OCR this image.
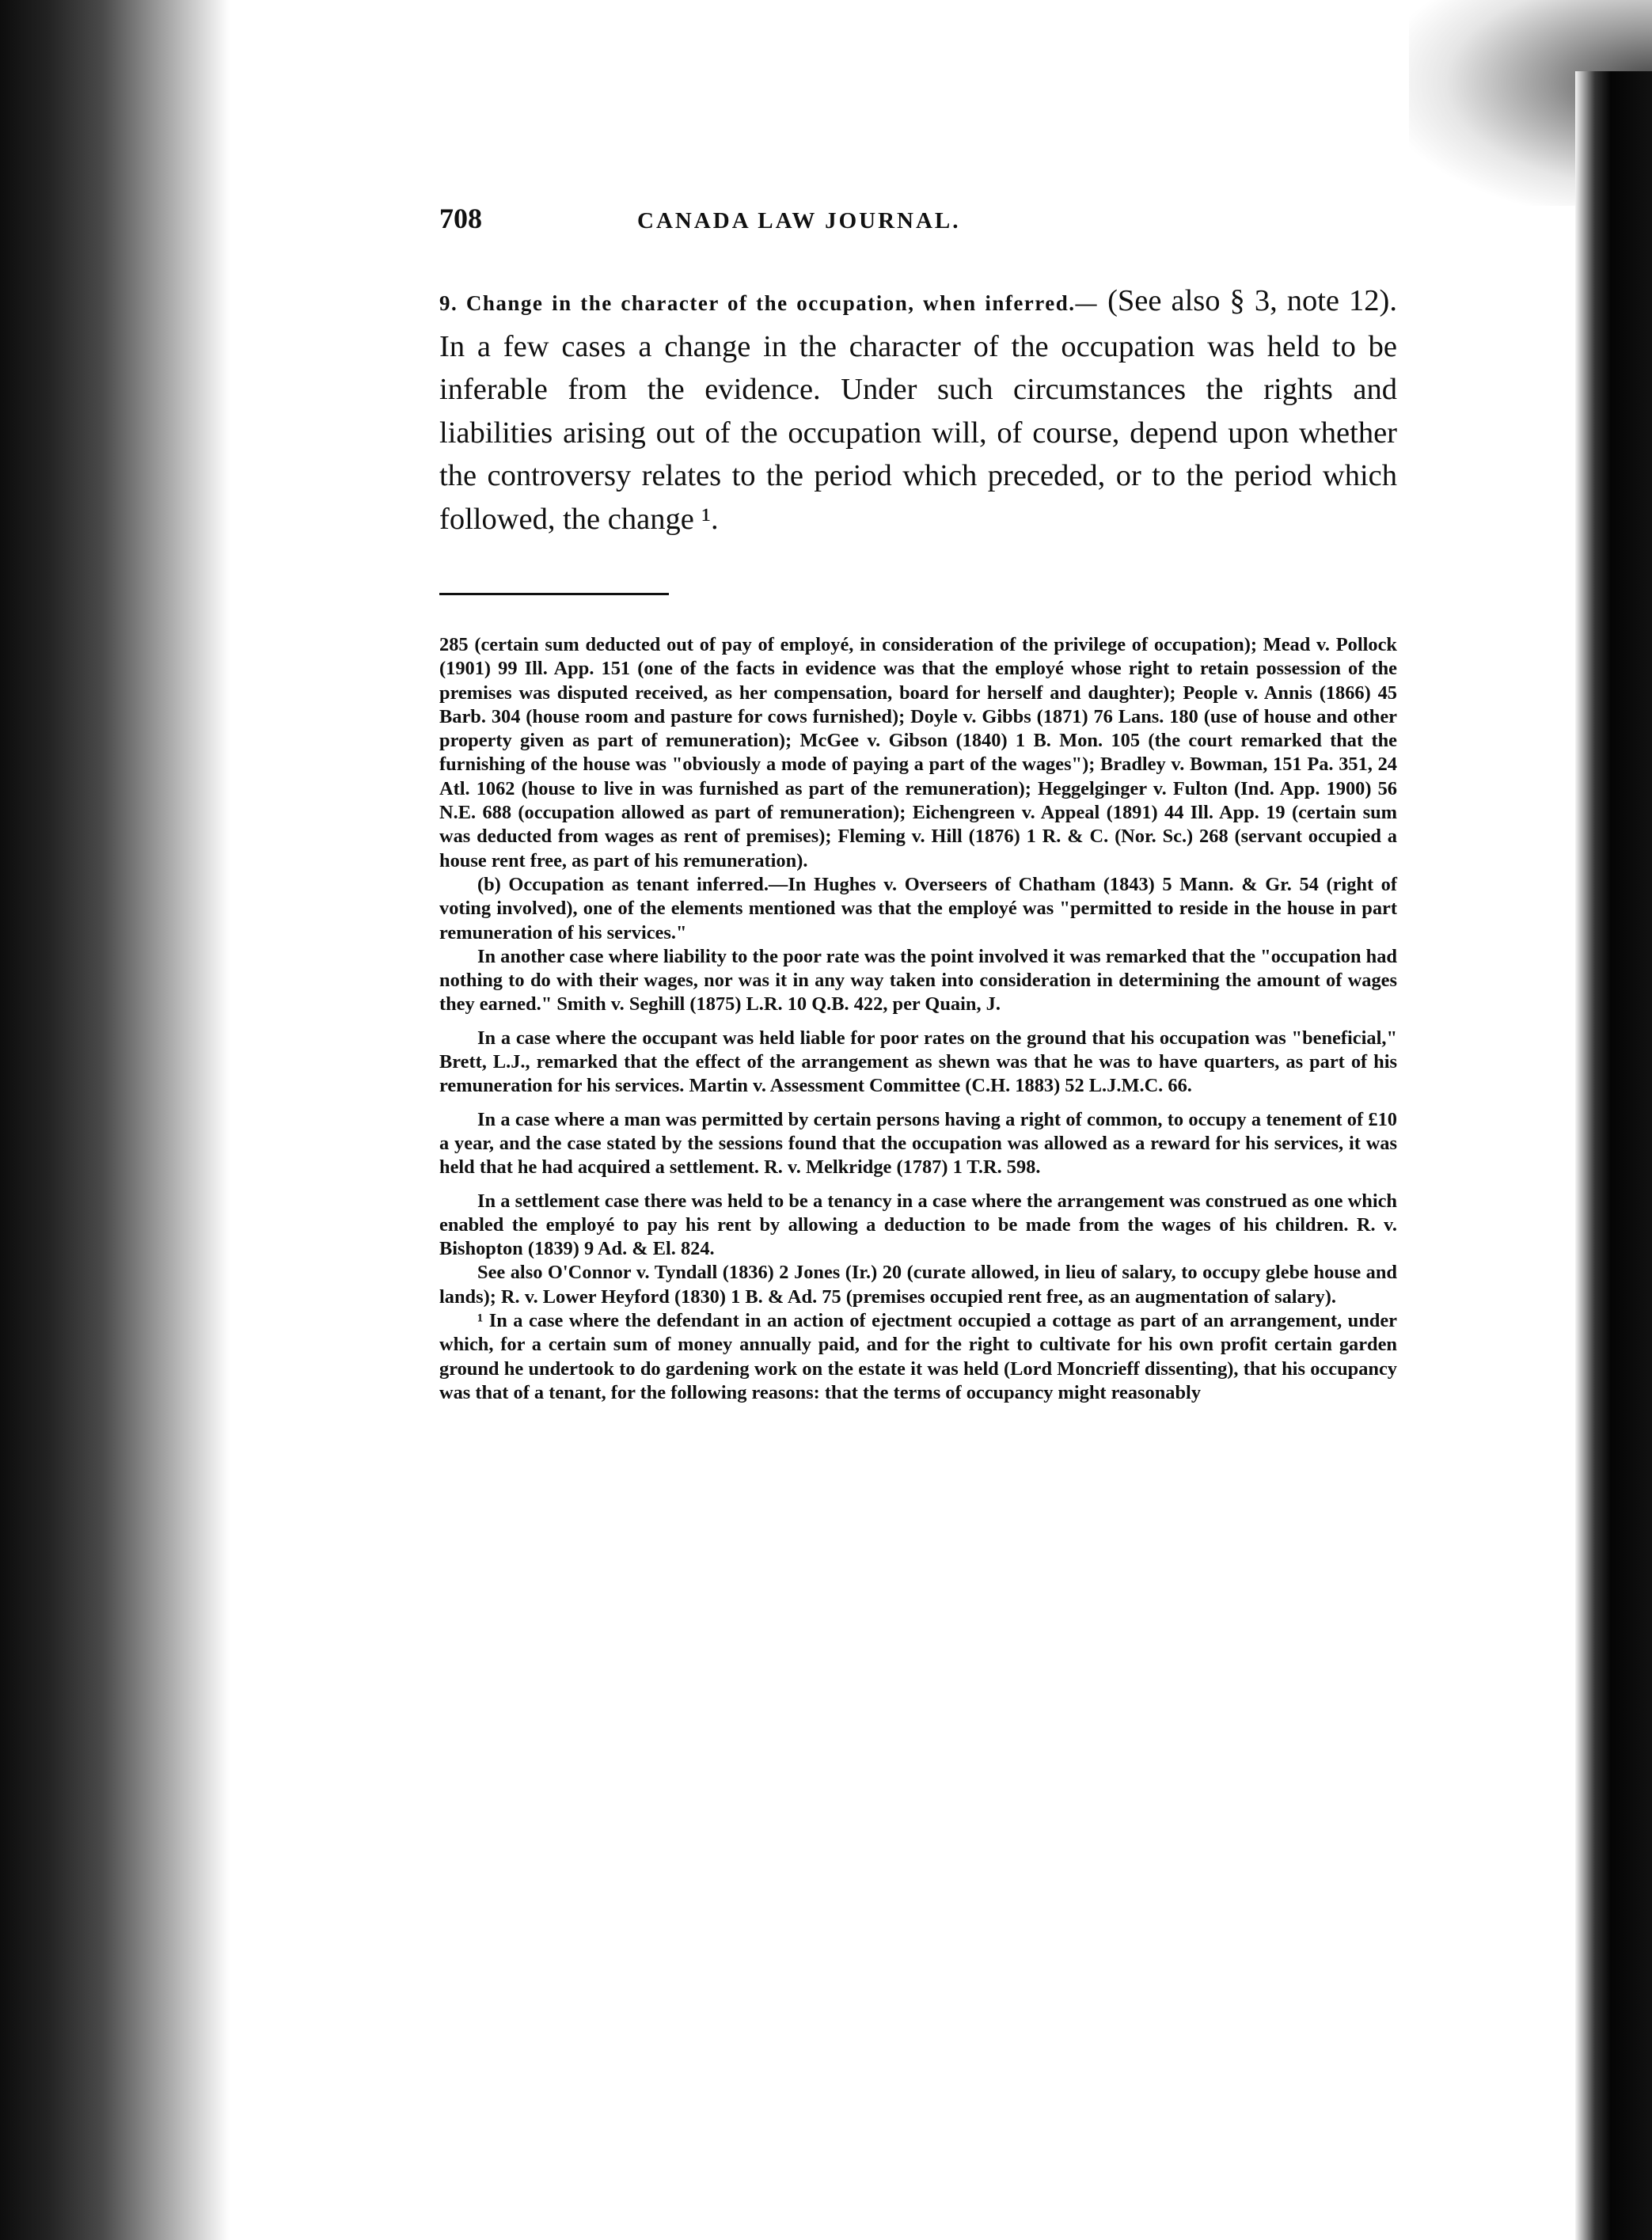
708	CANADA LAW JOURNAL.
9. Change in the character of the occupation, when inferred.— (See also § 3, note 12). In a few cases a change in the character of the occupation was held to be inferable from the evidence. Under such circumstances the rights and liabilities arising out of the occupation will, of course, depend upon whether the controversy relates to the period which preceded, or to the period which followed, the change ¹.

285 (certain sum deducted out of pay of employé, in consideration of the privilege of occupation); Mead v. Pollock (1901) 99 Ill. App. 151 (one of the facts in evidence was that the employé whose right to retain possession of the premises was disputed received, as her compensation, board for herself and daughter); People v. Annis (1866) 45 Barb. 304 (house room and pasture for cows furnished); Doyle v. Gibbs (1871) 76 Lans. 180 (use of house and other property given as part of remuneration); McGee v. Gibson (1840) 1 B. Mon. 105 (the court remarked that the furnishing of the house was "obviously a mode of paying a part of the wages"); Bradley v. Bowman, 151 Pa. 351, 24 Atl. 1062 (house to live in was furnished as part of the remuneration); Heggelginger v. Fulton (Ind. App. 1900) 56 N.E. 688 (occupation allowed as part of remuneration); Eichengreen v. Appeal (1891) 44 Ill. App. 19 (certain sum was deducted from wages as rent of premises); Fleming v. Hill (1876) 1 R. & C. (Nor. Sc.) 268 (servant occupied a house rent free, as part of his remuneration).

(b) Occupation as tenant inferred.—In Hughes v. Overseers of Chatham (1843) 5 Mann. & Gr. 54 (right of voting involved), one of the elements mentioned was that the employé was "permitted to reside in the house in part remuneration of his services."

In another case where liability to the poor rate was the point involved it was remarked that the "occupation had nothing to do with their wages, nor was it in any way taken into consideration in determining the amount of wages they earned." Smith v. Seghill (1875) L.R. 10 Q.B. 422, per Quain, J.

In a case where the occupant was held liable for poor rates on the ground that his occupation was "beneficial," Brett, L.J., remarked that the effect of the arrangement as shewn was that he was to have quarters, as part of his remuneration for his services. Martin v. Assessment Committee (C.H. 1883) 52 L.J.M.C. 66.

In a case where a man was permitted by certain persons having a right of common, to occupy a tenement of £10 a year, and the case stated by the sessions found that the occupation was allowed as a reward for his services, it was held that he had acquired a settlement. R. v. Melkridge (1787) 1 T.R. 598.

In a settlement case there was held to be a tenancy in a case where the arrangement was construed as one which enabled the employé to pay his rent by allowing a deduction to be made from the wages of his children. R. v. Bishopton (1839) 9 Ad. & El. 824.

See also O'Connor v. Tyndall (1836) 2 Jones (Ir.) 20 (curate allowed, in lieu of salary, to occupy glebe house and lands); R. v. Lower Heyford (1830) 1 B. & Ad. 75 (premises occupied rent free, as an augmentation of salary).

¹ In a case where the defendant in an action of ejectment occupied a cottage as part of an arrangement, under which, for a certain sum of money annually paid, and for the right to cultivate for his own profit certain garden ground he undertook to do gardening work on the estate it was held (Lord Moncrieff dissenting), that his occupancy was that of a tenant, for the following reasons: that the terms of occupancy might reasonably
